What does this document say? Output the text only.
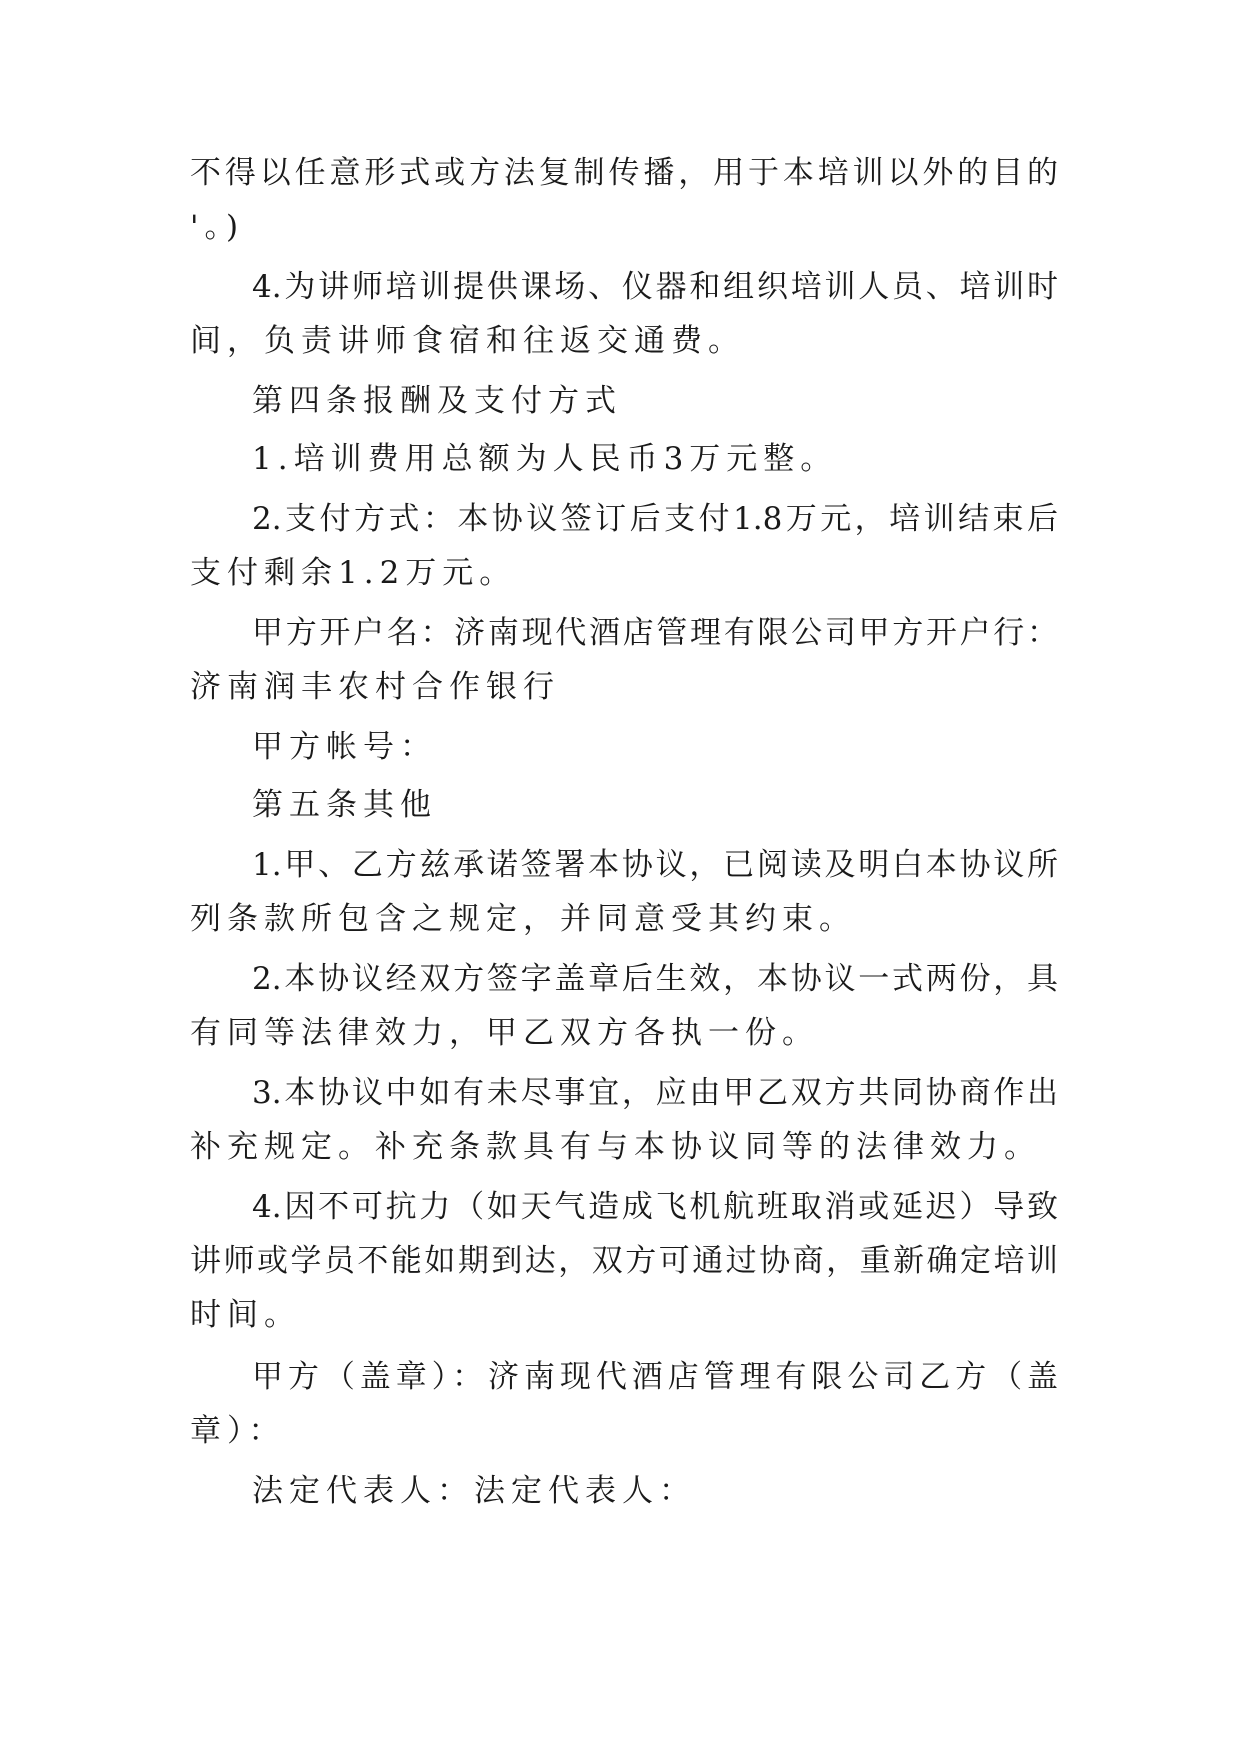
不得以任意形式或方法复制传播，用于本培训以外的目的
'。)
4.为讲师培训提供课场、仪器和组织培训人员、培训时
间，负责讲师食宿和往返交通费。
第四条报酬及支付方式
1.培训费用总额为人民币3万元整。
2.支付方式：本协议签订后支付1.8万元，培训结束后
支付剩余1.2万元。
甲方开户名：济南现代酒店管理有限公司甲方开户行：
济南润丰农村合作银行
甲方帐号：
第五条其他
1.甲、乙方兹承诺签署本协议，已阅读及明白本协议所
列条款所包含之规定，并同意受其约束。
2.本协议经双方签字盖章后生效，本协议一式两份，具
有同等法律效力，甲乙双方各执一份。
3.本协议中如有未尽事宜，应由甲乙双方共同协商作出
补充规定。补充条款具有与本协议同等的法律效力。
4.因不可抗力（如天气造成飞机航班取消或延迟）导致
讲师或学员不能如期到达，双方可通过协商，重新确定培训
时间。
甲方（盖章）：济南现代酒店管理有限公司乙方（盖
章）：
法定代表人：法定代表人：
